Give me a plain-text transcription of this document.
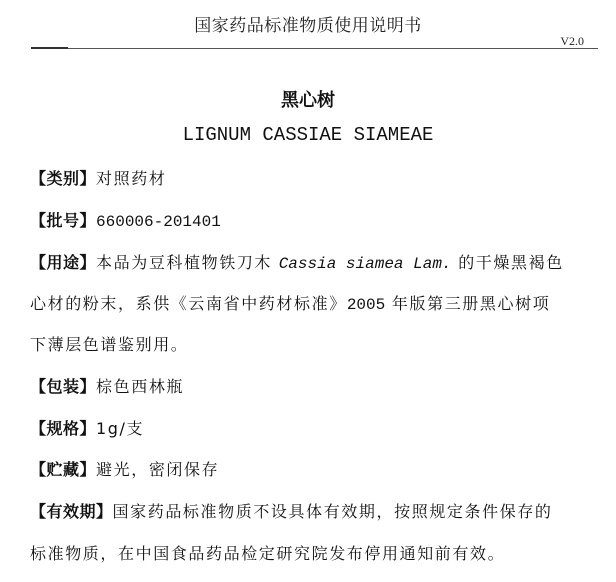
国家药品标准物质使用说明书
V2.0
黑心树
LIGNUM CASSIAE SIAMEAE
【类别】对照药材
【批号】660006-201401
【用途】本品为豆科植物铁刀木 Cassia siamea Lam. 的干燥黑褐色
心材的粉末，系供《云南省中药材标准》2005 年版第三册黑心树项
下薄层色谱鉴别用。
【包装】棕色西林瓶
【规格】1g/支
【贮藏】避光，密闭保存
【有效期】国家药品标准物质不设具体有效期，按照规定条件保存的
标准物质，在中国食品药品检定研究院发布停用通知前有效。
